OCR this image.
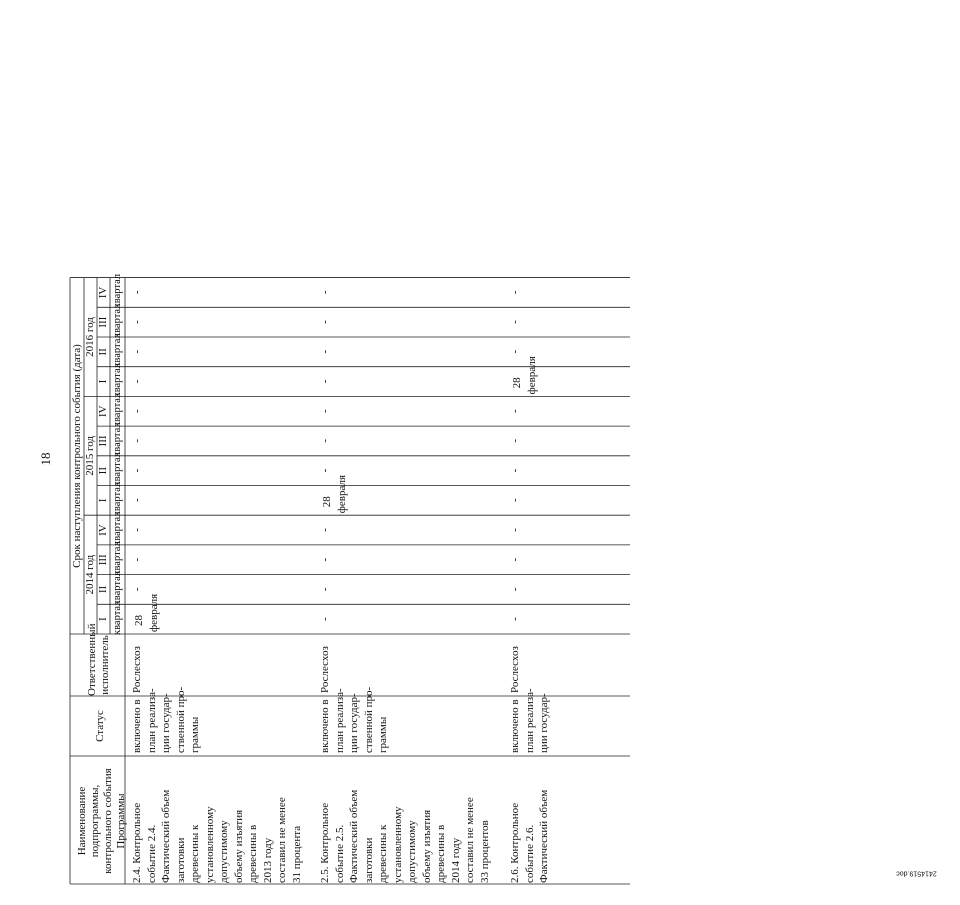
18
Наименование подпрограммы, контрольного события Программы
Статус
Ответственный исполнитель
Срок наступления контрольного события (дата)
2014 год
I квартал
II квартал
III квартал
IV квартал
2015 год
I квартал
II квартал
III квартал
IV квартал
2016 год
I квартал
II квартал
III квартал
IV квартал
2.4. Контрольное
событие 2.4.
Фактический объем
заготовки
древесины к
установленному
допустимому
объему изъятия
древесины в
2013 году
составил не менее
31 процента
включено в
план реализа-
ции государ-
ственной про-
граммы
Рослесхоз
28 февраля
-
-
-
-
-
-
-
-
-
-
-
2.5. Контрольное
событие 2.5.
Фактический объем
заготовки
древесины к
установленному
допустимому
объему изъятия
древесины в
2014 году
составил не менее
33 процентов
включено в
план реализа-
ции государ-
ственной про-
граммы
Рослесхоз
-
-
-
-
28 февраля
-
-
-
-
-
-
-
2.6. Контрольное
событие 2.6.
Фактический объем
включено в
план реализа-
ции государ-
Рослесхоз
-
-
-
-
-
-
-
-
28 февраля
-
-
-
2414519.doc
